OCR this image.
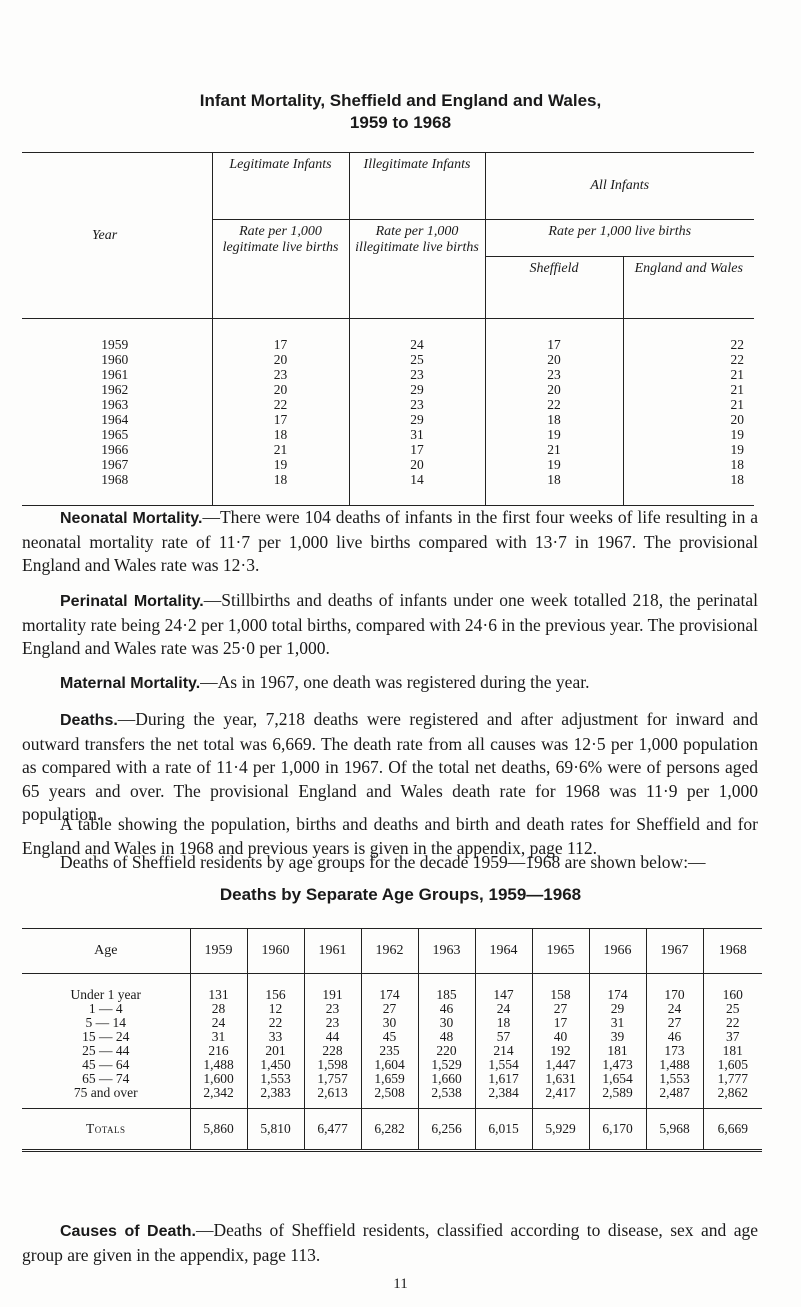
Infant Mortality, Sheffield and England and Wales,
1959 to 1968
Year	Legitimate Infants	Illegitimate Infants	All Infants	
	Rate per 1,000 legitimate live births	Rate per 1,000 illegitimate live births	Rate per 1,000 live births	
			Sheffield	England and Wales
1959	17	24	17	22
1960	20	25	20	22
1961	23	23	23	21
1962	20	29	20	21
1963	22	23	22	21
1964	17	29	18	20
1965	18	31	19	19
1966	21	17	21	19
1967	19	20	19	18
1968	18	14	18	18

Neonatal Mortality.—There were 104 deaths of infants in the first four weeks of life resulting in a neonatal mortality rate of 11·7 per 1,000 live births compared with 13·7 in 1967. The provisional England and Wales rate was 12·3.

Perinatal Mortality.—Stillbirths and deaths of infants under one week totalled 218, the perinatal mortality rate being 24·2 per 1,000 total births, compared with 24·6 in the previous year. The provisional England and Wales rate was 25·0 per 1,000.

Maternal Mortality.—As in 1967, one death was registered during the year.

Deaths.—During the year, 7,218 deaths were registered and after adjustment for inward and outward transfers the net total was 6,669. The death rate from all causes was 12·5 per 1,000 population as compared with a rate of 11·4 per 1,000 in 1967. Of the total net deaths, 69·6% were of persons aged 65 years and over. The provisional England and Wales death rate for 1968 was 11·9 per 1,000 population.

A table showing the population, births and deaths and birth and death rates for Sheffield and for England and Wales in 1968 and previous years is given in the appendix, page 112.

Deaths of Sheffield residents by age groups for the decade 1959—1968 are shown below:—

Deaths by Separate Age Groups, 1959—1968
Age	1959	1960	1961	1962	1963	1964	1965	1966	1967	1968
Under 1 year	131	156	191	174	185	147	158	174	170	160
1 — 4	28	12	23	27	46	24	27	29	24	25
5 — 14	24	22	23	30	30	18	17	31	27	22
15 — 24	31	33	44	45	48	57	40	39	46	37
25 — 44	216	201	228	235	220	214	192	181	173	181
45 — 64	1,488	1,450	1,598	1,604	1,529	1,554	1,447	1,473	1,488	1,605
65 — 74	1,600	1,553	1,757	1,659	1,660	1,617	1,631	1,654	1,553	1,777
75 and over	2,342	2,383	2,613	2,508	2,538	2,384	2,417	2,589	2,487	2,862
Totals	5,860	5,810	6,477	6,282	6,256	6,015	5,929	6,170	5,968	6,669

Causes of Death.—Deaths of Sheffield residents, classified according to disease, sex and age group are given in the appendix, page 113.

11
